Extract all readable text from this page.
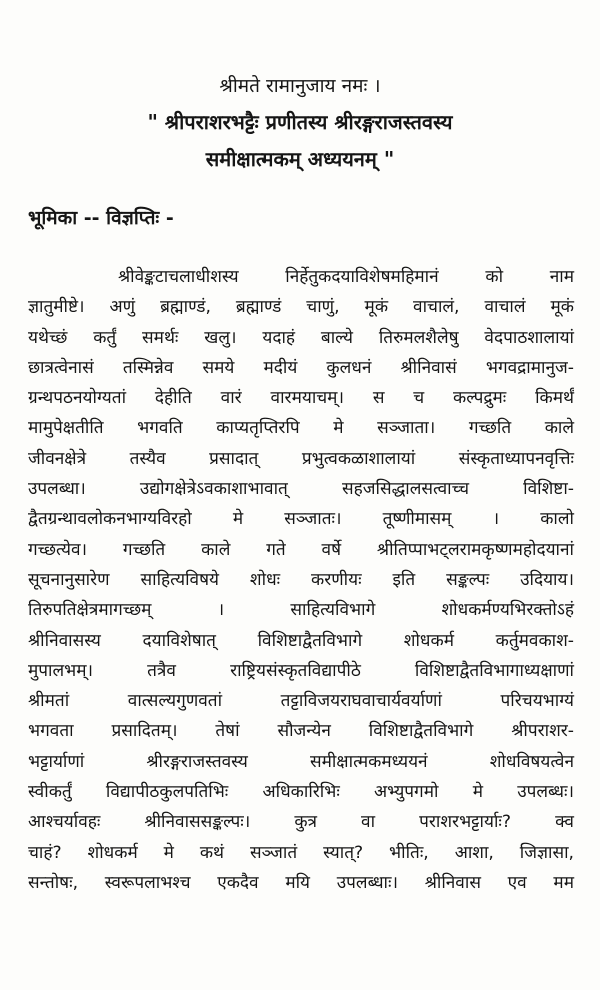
श्रीमते रामानुजाय नमः ।
" श्रीपराशरभट्टैः प्रणीतस्य श्रीरङ्गराजस्तवस्य
समीक्षात्मकम् अध्ययनम् "
भूमिका -- विज्ञप्तिः -
श्रीवेङ्कटाचलाधीशस्य निर्हेतुकदयाविशेषमहिमानं को नाम
ज्ञातुमीष्टे। अणुं ब्रह्माण्डं, ब्रह्माण्डं चाणुं, मूकं वाचालं, वाचालं मूकं
यथेच्छं कर्तुं समर्थः खलु। यदाहं बाल्ये तिरुमलशैलेषु वेदपाठशालायां
छात्रत्वेनासं तस्मिन्नेव समये मदीयं कुलधनं श्रीनिवासं भगवद्रामानुज-
ग्रन्थपठनयोग्यतां देहीति वारं वारमयाचम्। स च कल्पद्रुमः किमर्थं
मामुपेक्षतीति भगवति काप्यतृप्तिरपि मे सञ्जाता। गच्छति काले
जीवनक्षेत्रे तस्यैव प्रसादात् प्रभुत्वकळाशालायां संस्कृताध्यापनवृत्तिः
उपलब्धा। उद्योगक्षेत्रेऽवकाशाभावात् सहजसिद्धालसत्वाच्च विशिष्टा-
द्वैतग्रन्थावलोकनभाग्यविरहो मे सञ्जातः। तूष्णीमासम् । कालो
गच्छत्येव। गच्छति काले गते वर्षे श्रीतिप्पाभट्लरामकृष्णमहोदयानां
सूचनानुसारेण साहित्यविषये शोधः करणीयः इति सङ्कल्पः उदियाय।
तिरुपतिक्षेत्रमागच्छम् । साहित्यविभागे शोधकर्मण्यभिरक्तोऽहं
श्रीनिवासस्य दयाविशेषात् विशिष्टाद्वैतविभागे शोधकर्म कर्तुमवकाश-
मुपालभम्। तत्रैव राष्ट्रियसंस्कृतविद्यापीठे विशिष्टाद्वैतविभागाध्यक्षाणां
श्रीमतां वात्सल्यगुणवतां तट्टाविजयराघवाचार्यवर्याणां परिचयभाग्यं
भगवता प्रसादितम्। तेषां सौजन्येन विशिष्टाद्वैतविभागे श्रीपराशर-
भट्टार्याणां श्रीरङ्गराजस्तवस्य समीक्षात्मकमध्ययनं शोधविषयत्वेन
स्वीकर्तुं विद्यापीठकुलपतिभिः अधिकारिभिः अभ्युपगमो मे उपलब्धः।
आश्चर्यावहः श्रीनिवाससङ्कल्पः। कुत्र वा पराशरभट्टार्याः? क्व
चाहं? शोधकर्म मे कथं सञ्जातं स्यात्? भीतिः, आशा, जिज्ञासा,
सन्तोषः, स्वरूपलाभश्च एकदैव मयि उपलब्धाः। श्रीनिवास एव मम
